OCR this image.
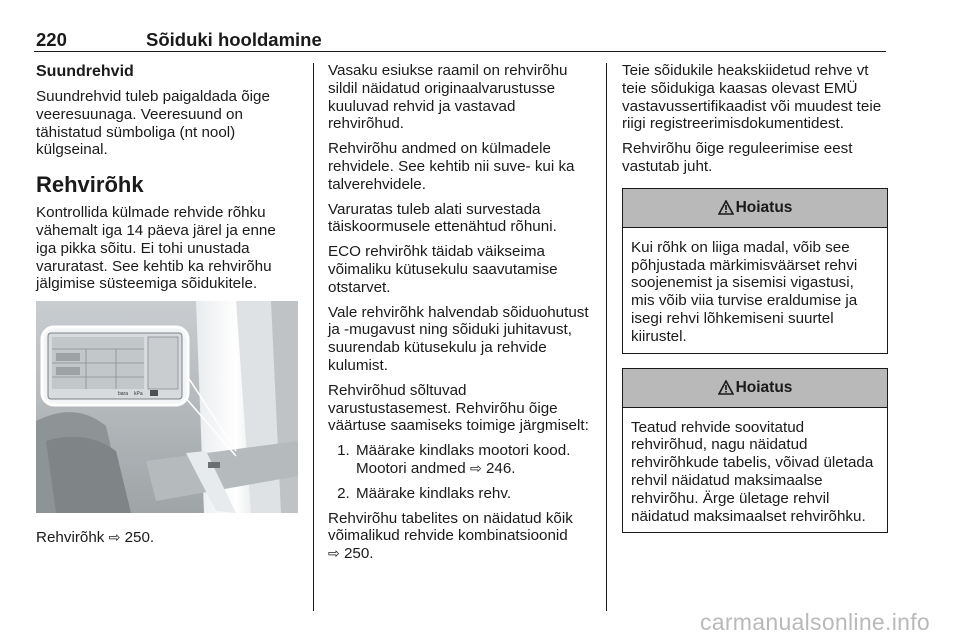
220	Sõiduki hooldamine
Suundrehvid

Suundrehvid tuleb paigaldada õige veeresuunaga. Veeresuund on tähistatud sümboliga (nt nool) külgseinal.

Rehvirõhk

Kontrollida külmade rehvide rõhku vähemalt iga 14 päeva järel ja enne iga pikka sõitu. Ei tohi unustada varuratast. See kehtib ka rehvirõhu jälgimise süsteemiga sõidukitele.

bara kPa

Rehvirõhk ⇨ 250.

Vasaku esiukse raamil on rehvirõhu sildil näidatud originaalvarustusse kuuluvad rehvid ja vastavad rehvirõhud.

Rehvirõhu andmed on külmadele rehvidele. See kehtib nii suve- kui ka talverehvidele.

Varuratas tuleb alati survestada täiskoormusele ettenähtud rõhuni.

ECO rehvirõhk täidab väikseima võimaliku kütusekulu saavutamise otstarvet.

Vale rehvirõhk halvendab sõiduohutust ja -mugavust ning sõiduki juhitavust, suurendab kütusekulu ja rehvide kulumist.

Rehvirõhud sõltuvad varustustasemest. Rehvirõhu õige väärtuse saamiseks toimige järgmiselt:

1. Määrake kindlaks mootori kood. Mootori andmed ⇨ 246.
2. Määrake kindlaks rehv.

Rehvirõhu tabelites on näidatud kõik võimalikud rehvide kombinatsioonid
⇨ 250.

Teie sõidukile heakskiidetud rehve vt teie sõidukiga kaasas olevast EMÜ vastavussertifikaadist või muudest teie riigi registreerimisdokumentidest.

Rehvirõhu õige reguleerimise eest vastutab juht.

Hoiatus
Kui rõhk on liiga madal, võib see põhjustada märkimisväärset rehvi soojenemist ja sisemisi vigastusi, mis võib viia turvise eraldumise ja isegi rehvi lõhkemiseni suurtel kiirustel.
Hoiatus
Teatud rehvide soovitatud rehvirõhud, nagu näidatud rehvirõhkude tabelis, võivad ületada rehvil näidatud maksimaalse rehvirõhu. Ärge ületage rehvil näidatud maksimaalset rehvirõhku.
carmanualsonline.info
